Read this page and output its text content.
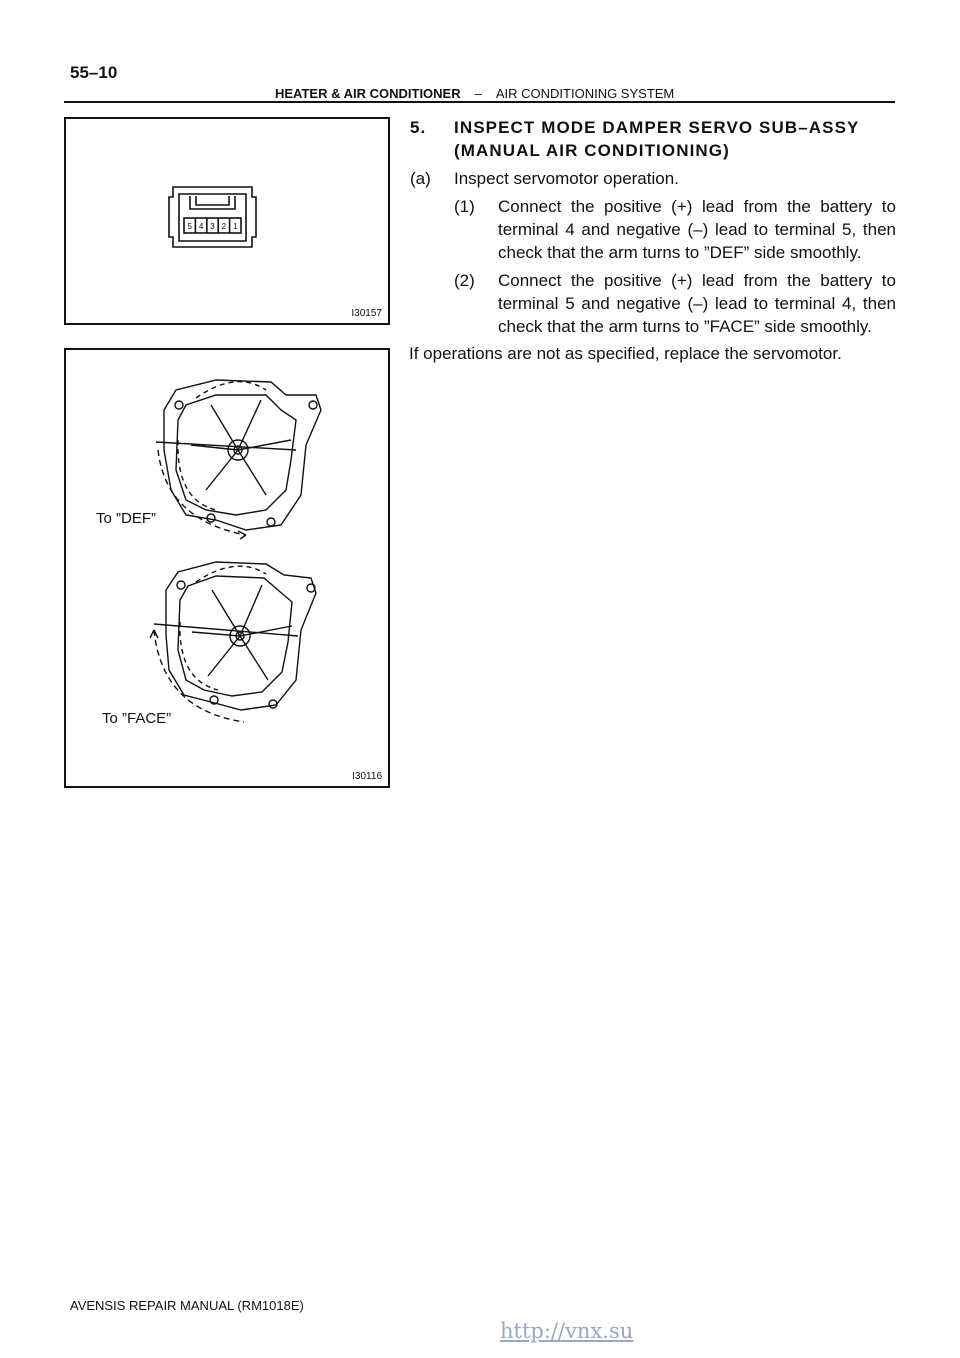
55–10
HEATER & AIR CONDITIONER – AIR CONDITIONING SYSTEM
5 4 3 2 1
I30157
To ”DEF”
To ”FACE”
I30116
5.	INSPECT MODE DAMPER SERVO SUB–ASSY
(MANUAL AIR CONDITIONING)
(a)	Inspect servomotor operation.
(1)	Connect the positive (+) lead from the battery to terminal 4 and negative (–) lead to terminal 5, then check that the arm turns to ”DEF” side smoothly.
(2)	Connect the positive (+) lead from the battery to terminal 5 and negative (–) lead to terminal 4, then check that the arm turns to ”FACE” side smoothly.
If operations are not as specified, replace the servomotor.
AVENSIS REPAIR MANUAL (RM1018E)
http://vnx.su
